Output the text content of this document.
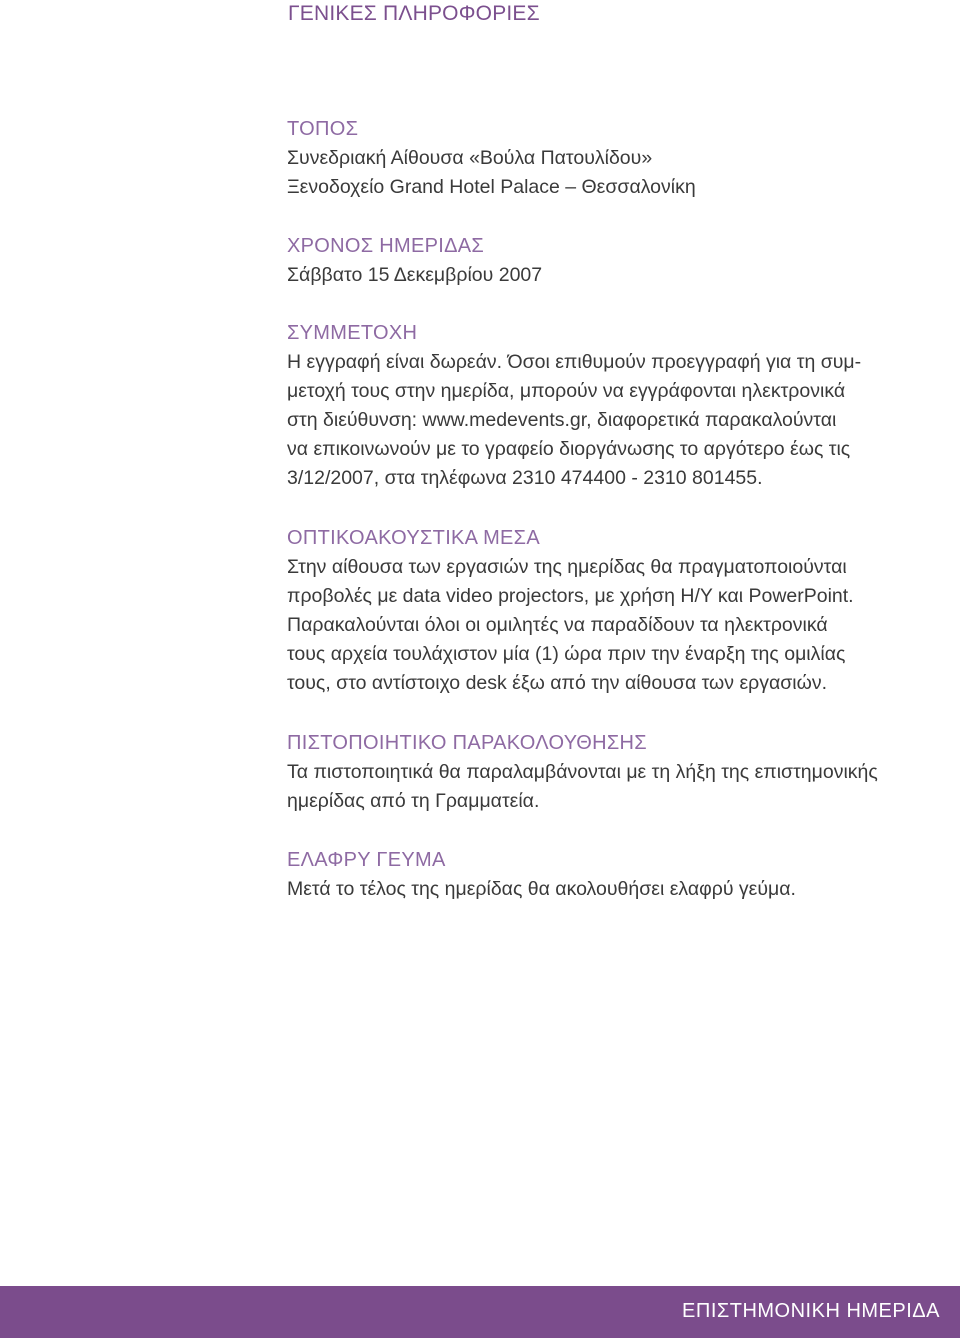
ΓΕΝΙΚΕΣ ΠΛΗΡΟΦΟΡΙΕΣ
ΤΟΠΟΣ

Συνεδριακή Αίθουσα «Βούλα Πατουλίδου»

Ξενοδοχείο Grand Hotel Palace – Θεσσαλονίκη

ΧΡΟΝΟΣ ΗΜΕΡΙΔΑΣ

Σάββατο 15 Δεκεμβρίου 2007

ΣΥΜΜΕΤΟΧΗ

Η εγγραφή είναι δωρεάν. Όσοι επιθυμούν προεγγραφή για τη συμ-

μετοχή τους στην ημερίδα, μπορούν να εγγράφονται ηλεκτρονικά

στη διεύθυνση: www.medevents.gr, διαφορετικά παρακαλούνται

να επικοινωνούν με το γραφείο διοργάνωσης το αργότερο έως τις

3/12/2007, στα τηλέφωνα 2310 474400 - 2310 801455.

ΟΠΤΙΚΟΑΚΟΥΣΤΙΚΑ ΜΕΣΑ

Στην αίθουσα των εργασιών της ημερίδας θα πραγματοποιούνται

προβολές με data video projectors, με χρήση Η/Υ και PowerPoint.

Παρακαλούνται όλοι οι ομιλητές να παραδίδουν τα ηλεκτρονικά

τους αρχεία τουλάχιστον μία (1) ώρα πριν την έναρξη της ομιλίας

τους, στο αντίστοιχο desk έξω από την αίθουσα των εργασιών.

ΠΙΣΤΟΠΟΙΗΤΙΚΟ ΠΑΡΑΚΟΛΟΥΘΗΣΗΣ

Τα πιστοποιητικά θα παραλαμβάνονται με τη λήξη της επιστημονικής

ημερίδας από τη Γραμματεία.

ΕΛΑΦΡΥ ΓΕΥΜΑ

Μετά το τέλος της ημερίδας θα ακολουθήσει ελαφρύ γεύμα.

ΕΠΙΣΤΗΜΟΝΙΚΗ ΗΜΕΡΙΔΑ
